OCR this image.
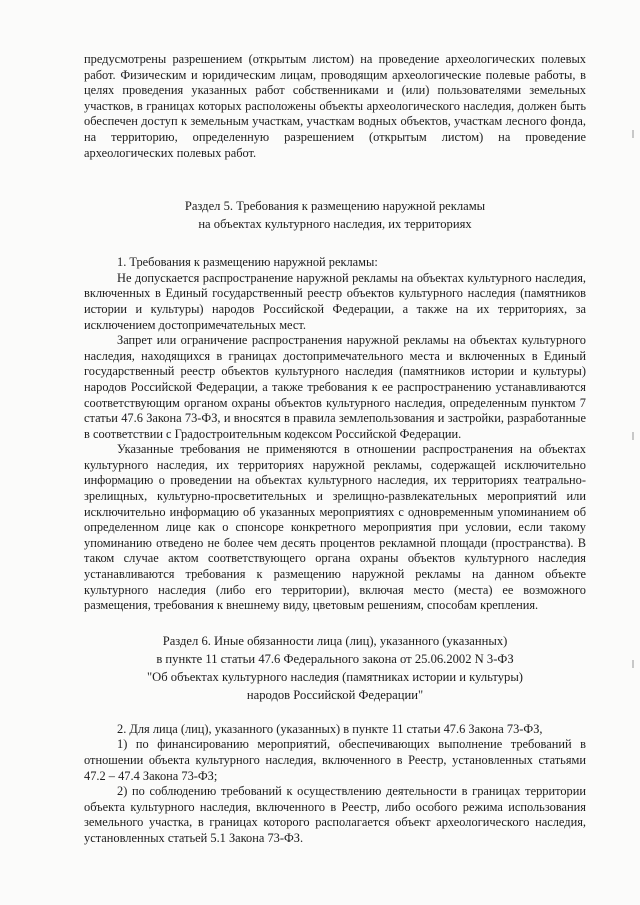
предусмотрены разрешением (открытым листом) на проведение археологических полевых работ. Физическим и юридическим лицам, проводящим археологические полевые работы, в целях проведения указанных работ собственниками и (или) пользователями земельных участков, в границах которых расположены объекты археологического наследия, должен быть обеспечен доступ к земельным участкам, участкам водных объектов, участкам лесного фонда, на территорию, определенную разрешением (открытым листом) на проведение археологических полевых работ.

Раздел 5. Требования к размещению наружной рекламы
на объектах культурного наследия, их территориях

1. Требования к размещению наружной рекламы:

Не допускается распространение наружной рекламы на объектах культурного наследия, включенных в Единый государственный реестр объектов культурного наследия (памятников истории и культуры) народов Российской Федерации, а также на их территориях, за исключением достопримечательных мест.

Запрет или ограничение распространения наружной рекламы на объектах культурного наследия, находящихся в границах достопримечательного места и включенных в Единый государственный реестр объектов культурного наследия (памятников истории и культуры) народов Российской Федерации, а также требования к ее распространению устанавливаются соответствующим органом охраны объектов культурного наследия, определенным пунктом 7 статьи 47.6 Закона 73-ФЗ, и вносятся в правила землепользования и застройки, разработанные в соответствии с Градостроительным кодексом Российской Федерации.

Указанные требования не применяются в отношении распространения на объектах культурного наследия, их территориях наружной рекламы, содержащей исключительно информацию о проведении на объектах культурного наследия, их территориях театрально-зрелищных, культурно-просветительных и зрелищно-развлекательных мероприятий или исключительно информацию об указанных мероприятиях с одновременным упоминанием об определенном лице как о спонсоре конкретного мероприятия при условии, если такому упоминанию отведено не более чем десять процентов рекламной площади (пространства). В таком случае актом соответствующего органа охраны объектов культурного наследия устанавливаются требования к размещению наружной рекламы на данном объекте культурного наследия (либо его территории), включая место (места) ее возможного размещения, требования к внешнему виду, цветовым решениям, способам крепления.

Раздел 6. Иные обязанности лица (лиц), указанного (указанных)
в пункте 11 статьи 47.6 Федерального закона от 25.06.2002 N 3-ФЗ
"Об объектах культурного наследия (памятниках истории и культуры)
народов Российской Федерации"

2. Для лица (лиц), указанного (указанных) в пункте 11 статьи 47.6 Закона 73-ФЗ,

1) по финансированию мероприятий, обеспечивающих выполнение требований в отношении объекта культурного наследия, включенного в Реестр, установленных статьями 47.2 – 47.4 Закона 73-ФЗ;

2) по соблюдению требований к осуществлению деятельности в границах территории объекта культурного наследия, включенного в Реестр, либо особого режима использования земельного участка, в границах которого располагается объект археологического наследия, установленных статьей 5.1 Закона 73-ФЗ.
